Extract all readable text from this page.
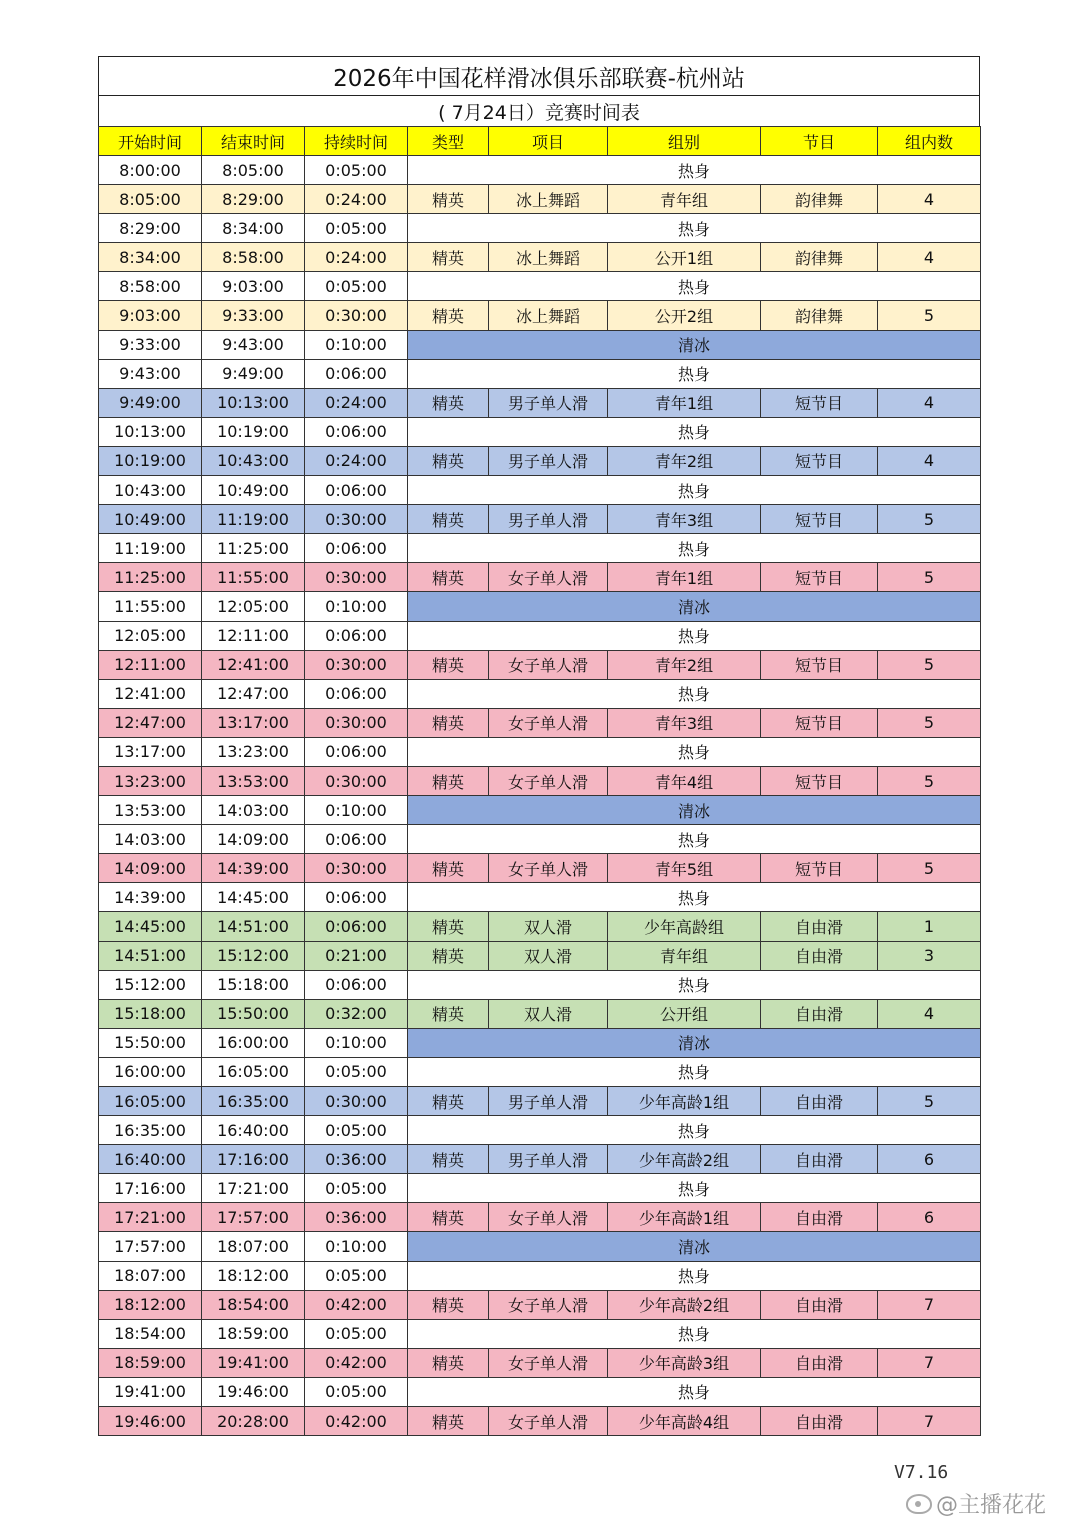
2026年中国花样滑冰俱乐部联赛-杭州站
( 7月24日）竞赛时间表
开始时间	结束时间	持续时间	类型	项目	组别	节目	组内数
8:00:00	8:05:00	0:05:00	热身				
8:05:00	8:29:00	0:24:00	精英	冰上舞蹈	青年组	韵律舞	4
8:29:00	8:34:00	0:05:00	热身				
8:34:00	8:58:00	0:24:00	精英	冰上舞蹈	公开1组	韵律舞	4
8:58:00	9:03:00	0:05:00	热身				
9:03:00	9:33:00	0:30:00	精英	冰上舞蹈	公开2组	韵律舞	5
9:33:00	9:43:00	0:10:00	清冰				
9:43:00	9:49:00	0:06:00	热身				
9:49:00	10:13:00	0:24:00	精英	男子单人滑	青年1组	短节目	4
10:13:00	10:19:00	0:06:00	热身				
10:19:00	10:43:00	0:24:00	精英	男子单人滑	青年2组	短节目	4
10:43:00	10:49:00	0:06:00	热身				
10:49:00	11:19:00	0:30:00	精英	男子单人滑	青年3组	短节目	5
11:19:00	11:25:00	0:06:00	热身				
11:25:00	11:55:00	0:30:00	精英	女子单人滑	青年1组	短节目	5
11:55:00	12:05:00	0:10:00	清冰				
12:05:00	12:11:00	0:06:00	热身				
12:11:00	12:41:00	0:30:00	精英	女子单人滑	青年2组	短节目	5
12:41:00	12:47:00	0:06:00	热身				
12:47:00	13:17:00	0:30:00	精英	女子单人滑	青年3组	短节目	5
13:17:00	13:23:00	0:06:00	热身				
13:23:00	13:53:00	0:30:00	精英	女子单人滑	青年4组	短节目	5
13:53:00	14:03:00	0:10:00	清冰				
14:03:00	14:09:00	0:06:00	热身				
14:09:00	14:39:00	0:30:00	精英	女子单人滑	青年5组	短节目	5
14:39:00	14:45:00	0:06:00	热身				
14:45:00	14:51:00	0:06:00	精英	双人滑	少年高龄组	自由滑	1
14:51:00	15:12:00	0:21:00	精英	双人滑	青年组	自由滑	3
15:12:00	15:18:00	0:06:00	热身				
15:18:00	15:50:00	0:32:00	精英	双人滑	公开组	自由滑	4
15:50:00	16:00:00	0:10:00	清冰				
16:00:00	16:05:00	0:05:00	热身				
16:05:00	16:35:00	0:30:00	精英	男子单人滑	少年高龄1组	自由滑	5
16:35:00	16:40:00	0:05:00	热身				
16:40:00	17:16:00	0:36:00	精英	男子单人滑	少年高龄2组	自由滑	6
17:16:00	17:21:00	0:05:00	热身				
17:21:00	17:57:00	0:36:00	精英	女子单人滑	少年高龄1组	自由滑	6
17:57:00	18:07:00	0:10:00	清冰				
18:07:00	18:12:00	0:05:00	热身				
18:12:00	18:54:00	0:42:00	精英	女子单人滑	少年高龄2组	自由滑	7
18:54:00	18:59:00	0:05:00	热身				
18:59:00	19:41:00	0:42:00	精英	女子单人滑	少年高龄3组	自由滑	7
19:41:00	19:46:00	0:05:00	热身				
19:46:00	20:28:00	0:42:00	精英	女子单人滑	少年高龄4组	自由滑	7
V7.16
@主播花花
